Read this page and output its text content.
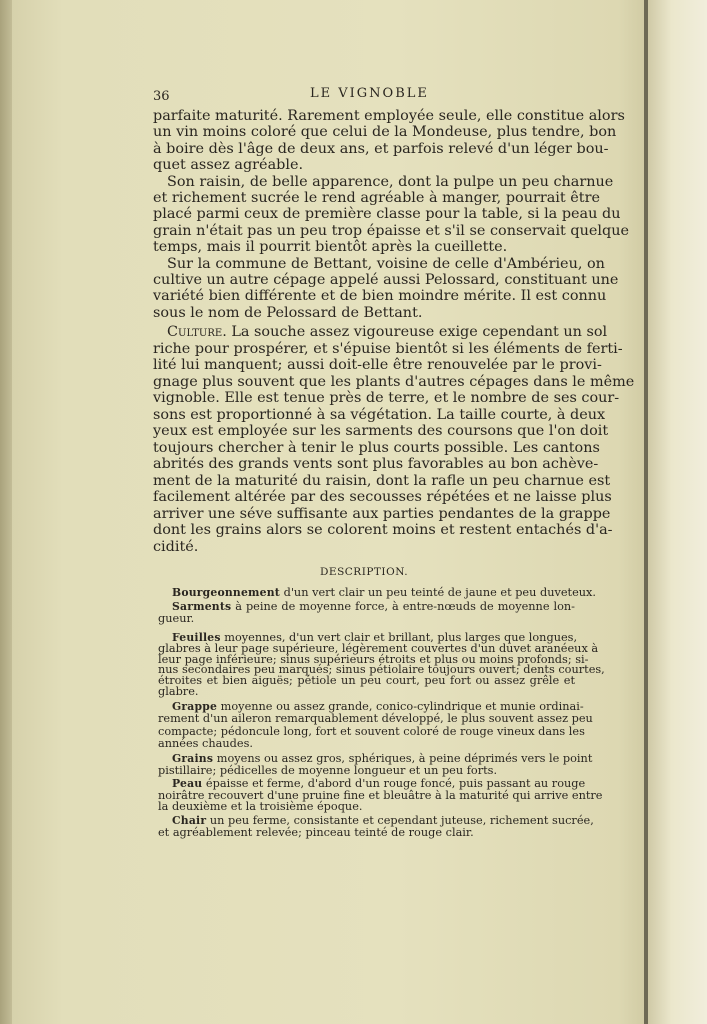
36	LE VIGNOBLE
parfaite maturité. Rarement employée seule, elle constitue alors
un vin moins coloré que celui de la Mondeuse, plus tendre, bon
à boire dès l'âge de deux ans, et parfois relevé d'un léger bou-
quet assez agréable.
Son raisin, de belle apparence, dont la pulpe un peu charnue
et richement sucrée le rend agréable à manger, pourrait être
placé parmi ceux de première classe pour la table, si la peau du
grain n'était pas un peu trop épaisse et s'il se conservait quelque
temps, mais il pourrit bientôt après la cueillette.
Sur la commune de Bettant, voisine de celle d'Ambérieu, on
cultive un autre cépage appelé aussi Pelossard, constituant une
variété bien différente et de bien moindre mérite. Il est connu
sous le nom de Pelossard de Bettant.
Culture. La souche assez vigoureuse exige cependant un sol
riche pour prospérer, et s'épuise bientôt si les éléments de ferti-
lité lui manquent; aussi doit-elle être renouvelée par le provi-
gnage plus souvent que les plants d'autres cépages dans le même
vignoble. Elle est tenue près de terre, et le nombre de ses cour-
sons est proportionné à sa végétation. La taille courte, à deux
yeux est employée sur les sarments des coursons que l'on doit
toujours chercher à tenir le plus courts possible. Les cantons
abrités des grands vents sont plus favorables au bon achève-
ment de la maturité du raisin, dont la rafle un peu charnue est
facilement altérée par des secousses répétées et ne laisse plus
arriver une séve suffisante aux parties pendantes de la grappe
dont les grains alors se colorent moins et restent entachés d'a-
cidité.
DESCRIPTION.
Bourgeonnement d'un vert clair un peu teinté de jaune et peu duveteux.
Sarments à peine de moyenne force, à entre-nœuds de moyenne lon-
gueur.
Feuilles moyennes, d'un vert clair et brillant, plus larges que longues,
glabres à leur page supérieure, légèrement couvertes d'un duvet aranéeux à
leur page inférieure; sinus supérieurs étroits et plus ou moins profonds; si-
nus secondaires peu marqués; sinus pétiolaire toujours ouvert; dents courtes,
étroites et bien aiguës; pétiole un peu court, peu fort ou assez grêle et
glabre.
Grappe moyenne ou assez grande, conico-cylindrique et munie ordinai-
rement d'un aileron remarquablement développé, le plus souvent assez peu
compacte; pédoncule long, fort et souvent coloré de rouge vineux dans les
années chaudes.
Grains moyens ou assez gros, sphériques, à peine déprimés vers le point
pistillaire; pédicelles de moyenne longueur et un peu forts.
Peau épaisse et ferme, d'abord d'un rouge foncé, puis passant au rouge
noirâtre recouvert d'une pruine fine et bleuâtre à la maturité qui arrive entre
la deuxième et la troisième époque.
Chair un peu ferme, consistante et cependant juteuse, richement sucrée,
et agréablement relevée; pinceau teinté de rouge clair.
